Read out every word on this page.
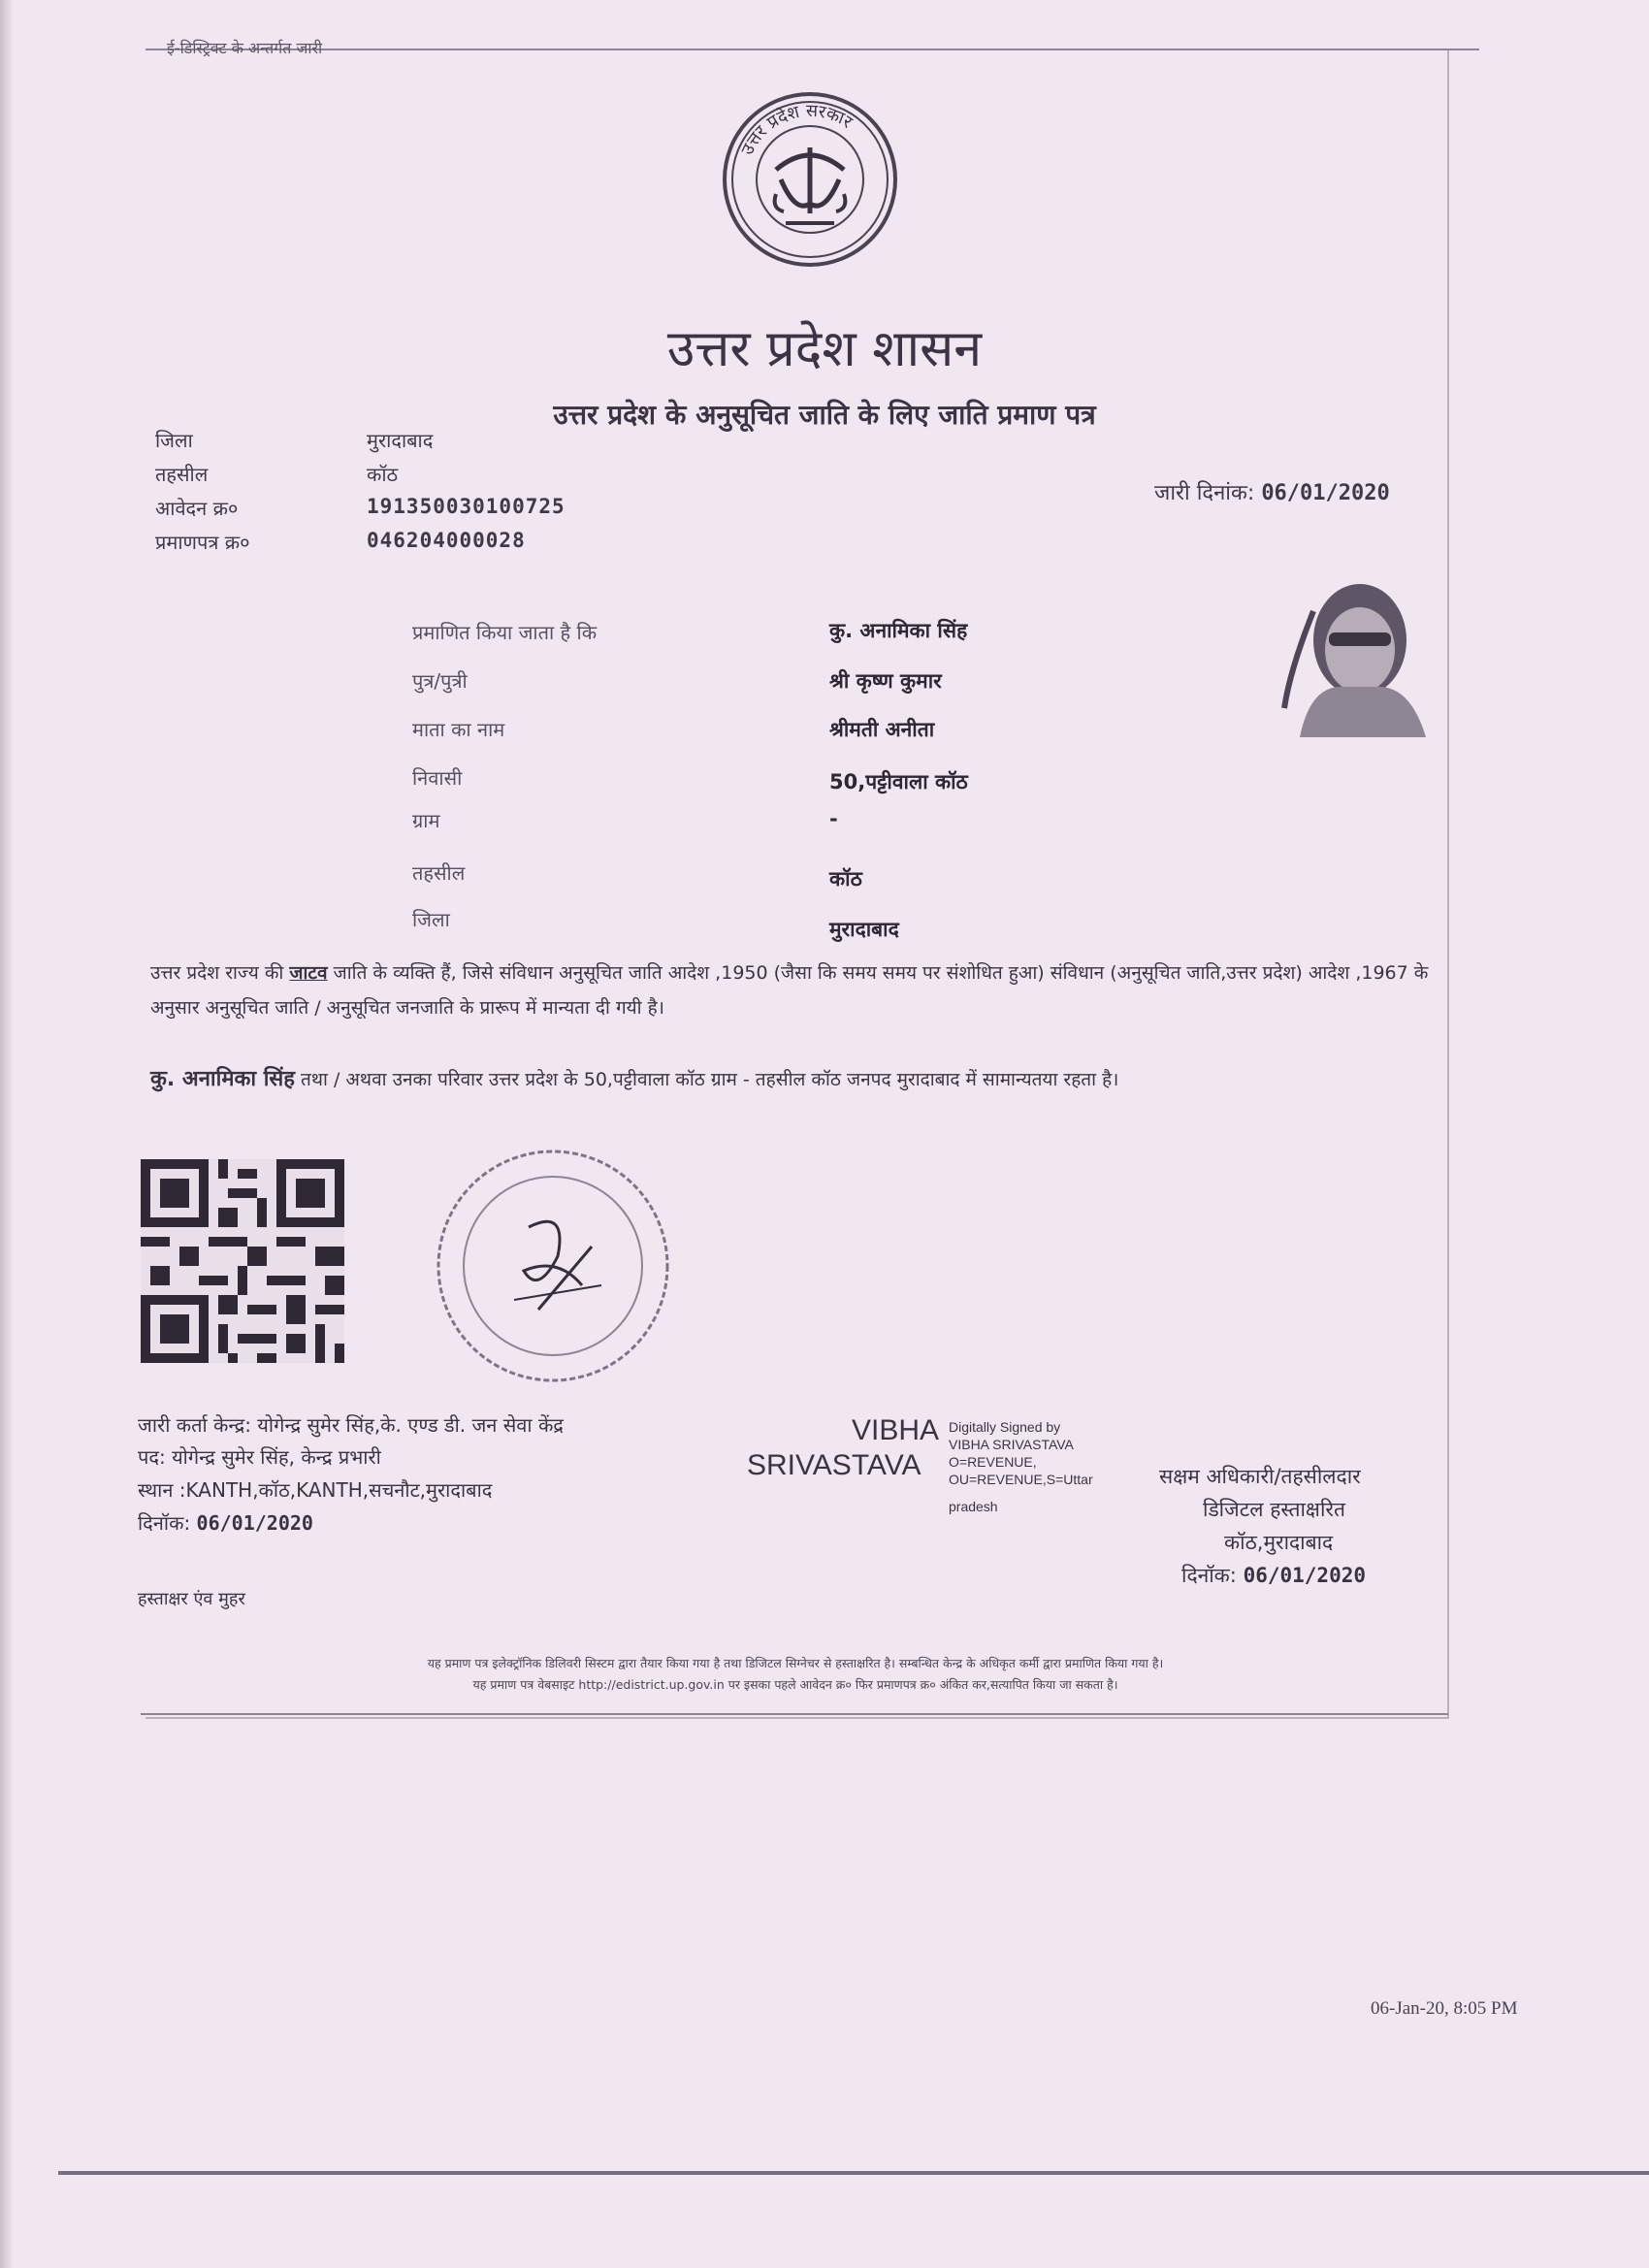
ई-डिस्ट्रिक्ट के अन्तर्गत जारी
उत्तर प्रदेश सरकार
उत्तर प्रदेश शासन
उत्तर प्रदेश के अनुसूचित जाति के लिए जाति प्रमाण पत्र
जिला	मुरादाबाद
तहसील	कॉठ
आवेदन क्र०	191350030100725
प्रमाणपत्र क्र०	046204000028
जारी दिनांक: 06/01/2020
प्रमाणित किया जाता है कि	कु. अनामिका सिंह
पुत्र/पुत्री	श्री कृष्ण कुमार
माता का नाम	श्रीमती अनीता
निवासी	50,पट्टीवाला कॉठ
ग्राम	-
तहसील	कॉठ
जिला	मुरादाबाद
उत्तर प्रदेश राज्य की जाटव जाति के व्यक्ति हैं, जिसे संविधान अनुसूचित जाति आदेश ,1950 (जैसा कि समय समय पर संशोधित हुआ) संविधान (अनुसूचित जाति,उत्तर प्रदेश) आदेश ,1967 के अनुसार अनुसूचित जाति / अनुसूचित जनजाति के प्रारूप में मान्यता दी गयी है।
कु. अनामिका सिंह तथा / अथवा उनका परिवार उत्तर प्रदेश के 50,पट्टीवाला कॉठ ग्राम - तहसील कॉठ जनपद मुरादाबाद में सामान्यतया रहता है।
जारी कर्ता केन्द्र: योगेन्द्र सुमेर सिंह,के. एण्ड डी. जन सेवा केंद्र
पद: योगेन्द्र सुमेर सिंह, केन्द्र प्रभारी
स्थान :KANTH,कॉठ,KANTH,सचनौट,मुरादाबाद
दिनॉक: 06/01/2020
हस्ताक्षर एंव मुहर
VIBHA
SRIVASTAVA
Digitally Signed by
VIBHA SRIVASTAVA
O=REVENUE,
OU=REVENUE,S=Uttar
pradesh
सक्षम अधिकारी/तहसीलदार
डिजिटल हस्ताक्षरित
कॉठ,मुरादाबाद
दिनॉक: 06/01/2020
यह प्रमाण पत्र इलेक्ट्रॉनिक डिलिवरी सिस्टम द्वारा तैयार किया गया है तथा डिजिटल सिग्नेचर से हस्ताक्षरित है। सम्बन्धित केन्द्र के अधिकृत कर्मी द्वारा प्रमाणित किया गया है।
यह प्रमाण पत्र वेबसाइट http://edistrict.up.gov.in पर इसका पहले आवेदन क्र० फिर प्रमाणपत्र क्र० अंकित कर,सत्यापित किया जा सकता है।
06-Jan-20, 8:05 PM
